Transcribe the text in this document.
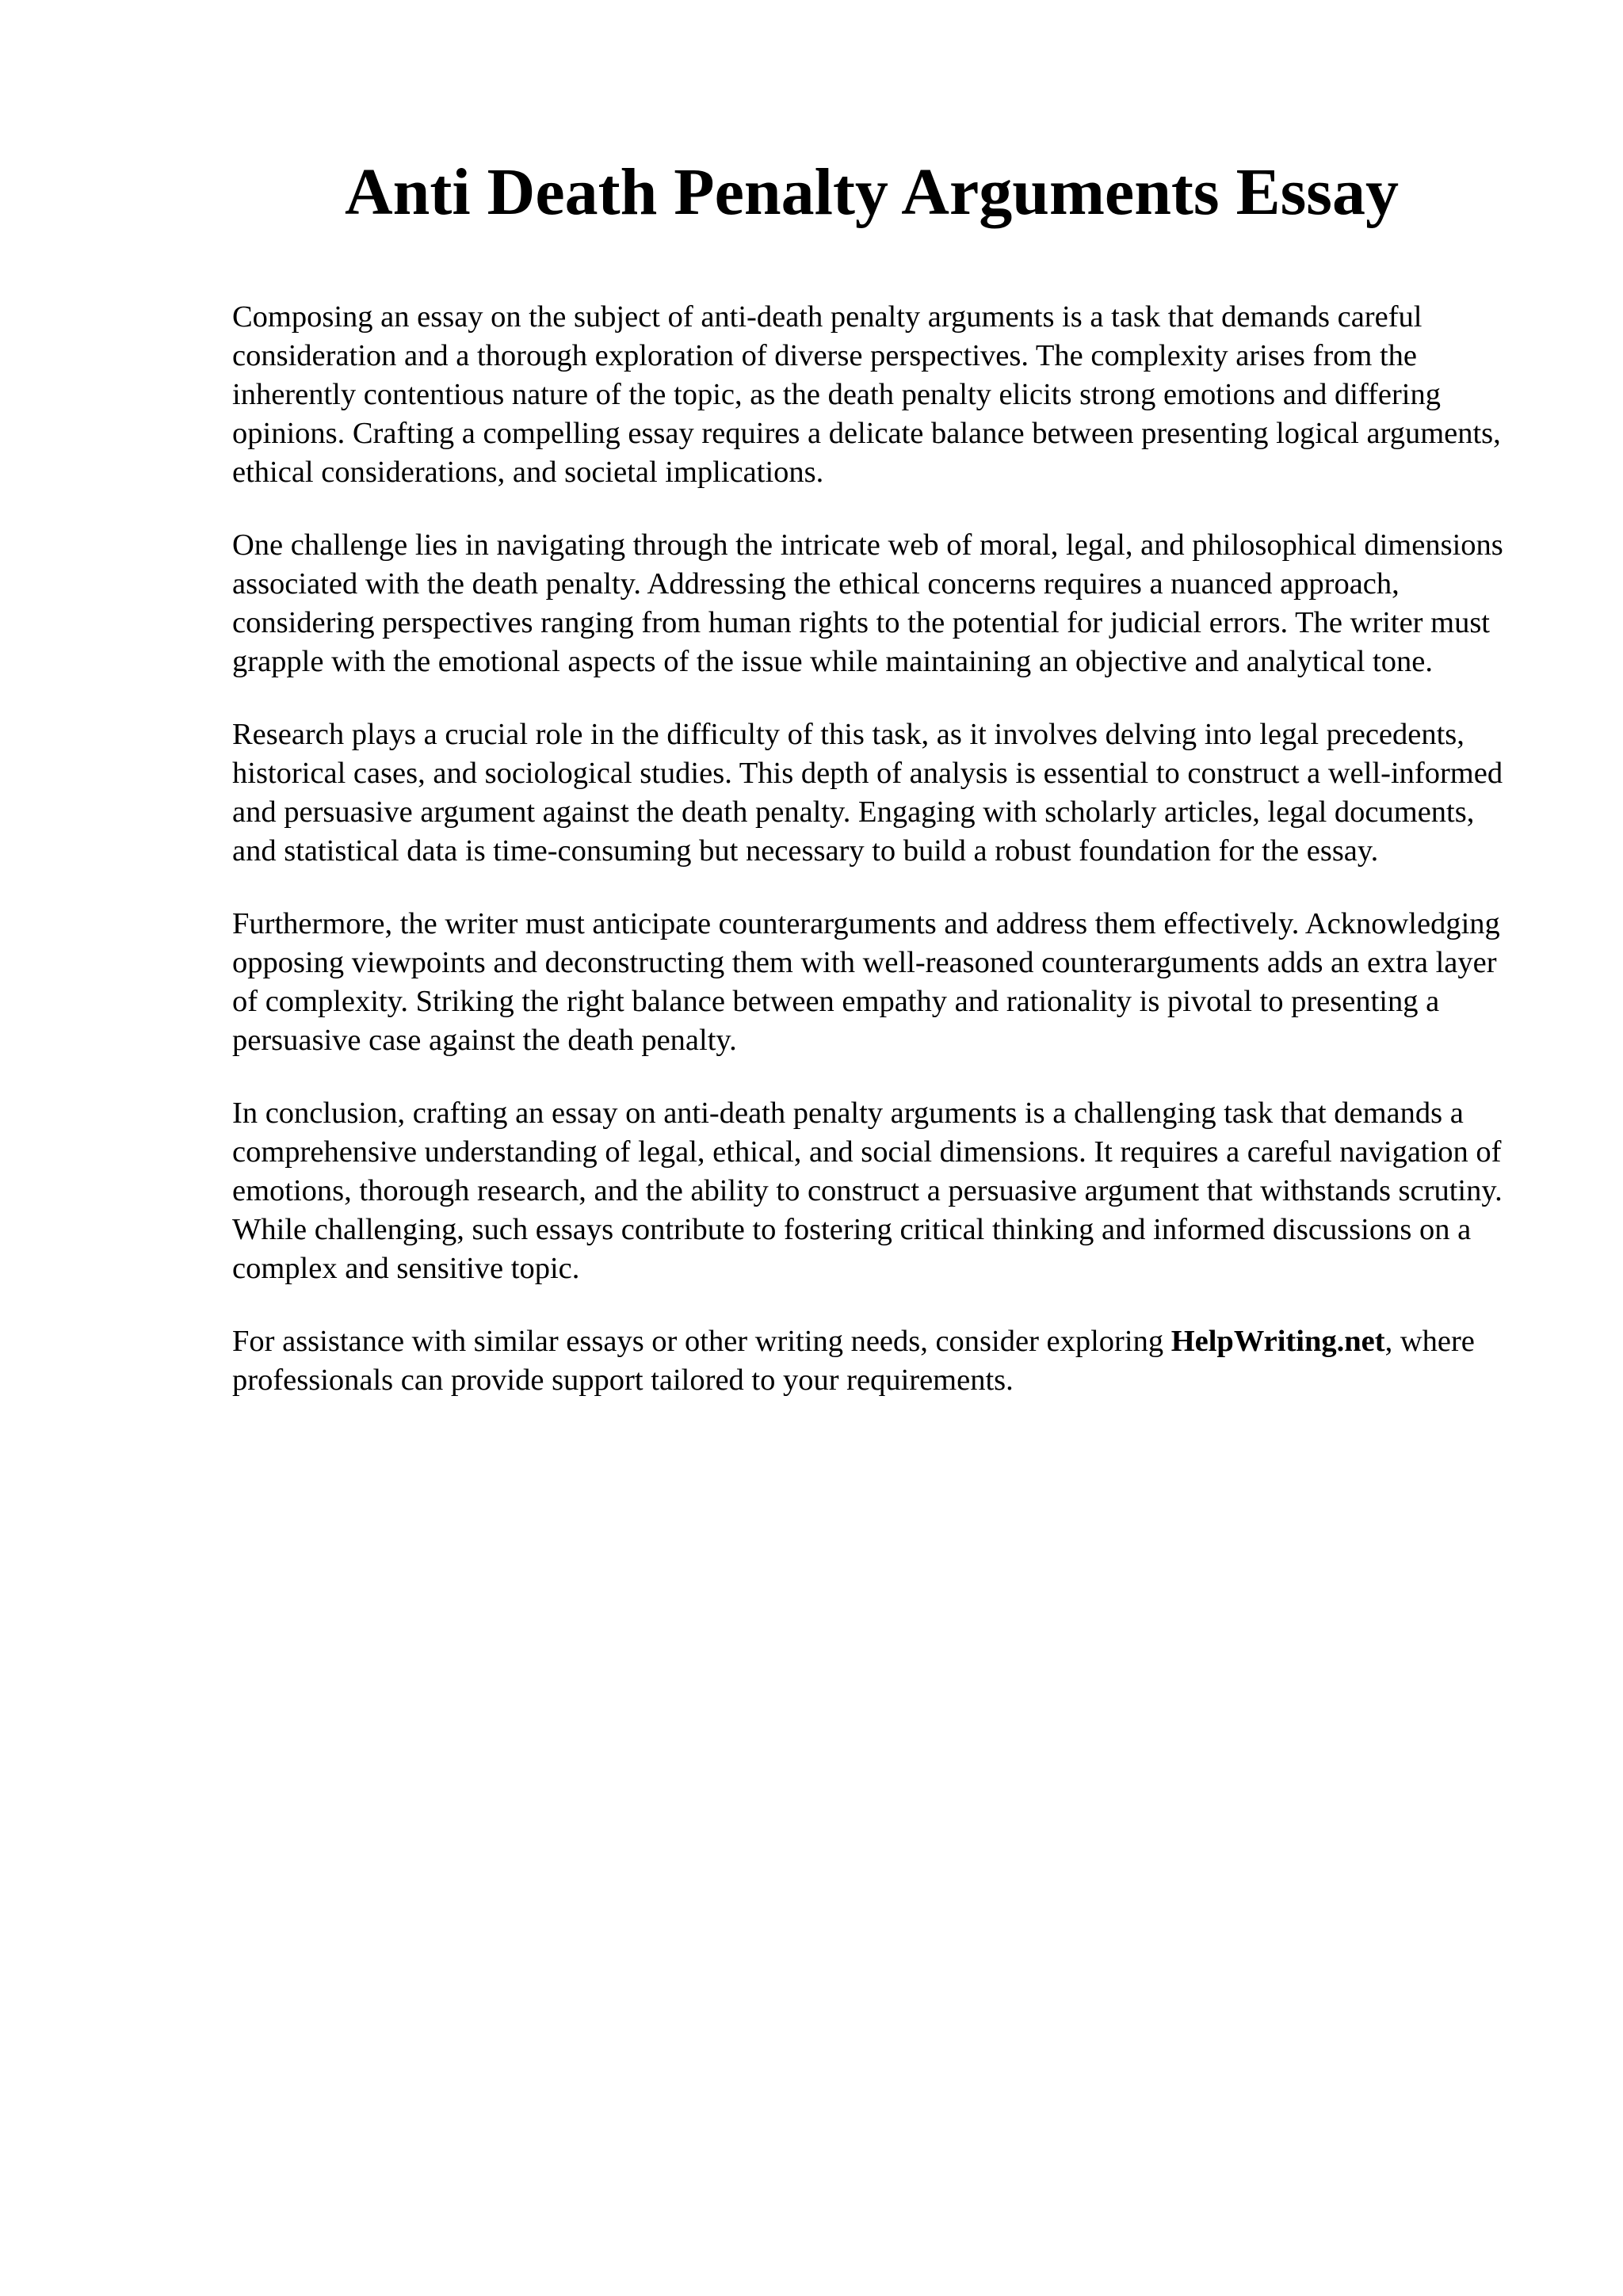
Anti Death Penalty Arguments Essay

Composing an essay on the subject of anti-death penalty arguments is a task that demands careful consideration and a thorough exploration of diverse perspectives. The complexity arises from the inherently contentious nature of the topic, as the death penalty elicits strong emotions and differing opinions. Crafting a compelling essay requires a delicate balance between presenting logical arguments, ethical considerations, and societal implications.

One challenge lies in navigating through the intricate web of moral, legal, and philosophical dimensions associated with the death penalty. Addressing the ethical concerns requires a nuanced approach, considering perspectives ranging from human rights to the potential for judicial errors. The writer must grapple with the emotional aspects of the issue while maintaining an objective and analytical tone.

Research plays a crucial role in the difficulty of this task, as it involves delving into legal precedents, historical cases, and sociological studies. This depth of analysis is essential to construct a well-informed and persuasive argument against the death penalty. Engaging with scholarly articles, legal documents, and statistical data is time-consuming but necessary to build a robust foundation for the essay.

Furthermore, the writer must anticipate counterarguments and address them effectively. Acknowledging opposing viewpoints and deconstructing them with well-reasoned counterarguments adds an extra layer of complexity. Striking the right balance between empathy and rationality is pivotal to presenting a persuasive case against the death penalty.

In conclusion, crafting an essay on anti-death penalty arguments is a challenging task that demands a comprehensive understanding of legal, ethical, and social dimensions. It requires a careful navigation of emotions, thorough research, and the ability to construct a persuasive argument that withstands scrutiny. While challenging, such essays contribute to fostering critical thinking and informed discussions on a complex and sensitive topic.

For assistance with similar essays or other writing needs, consider exploring HelpWriting.net, where professionals can provide support tailored to your requirements.
